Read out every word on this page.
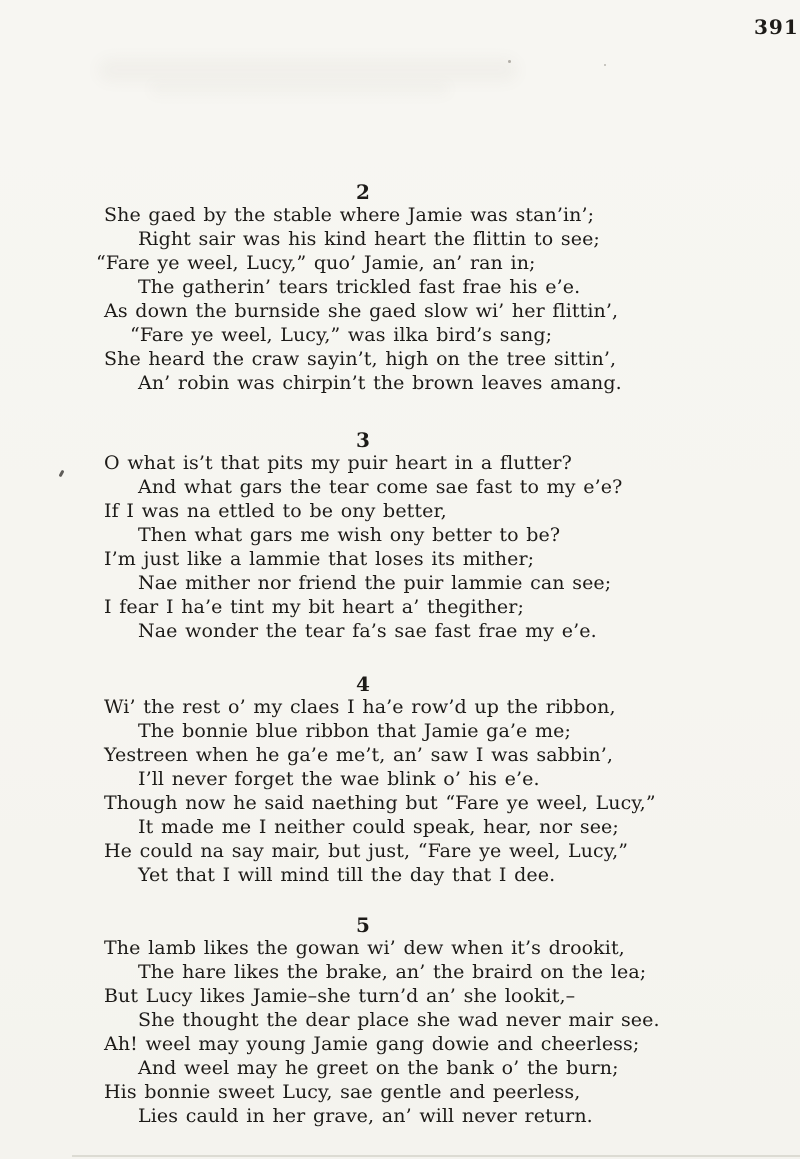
391
2
She gaed by the stable where Jamie was stan’in’;
Right sair was his kind heart the flittin to see;
“Fare ye weel, Lucy,” quo’ Jamie, an’ ran in;
The gatherin’ tears trickled fast frae his e’e.
As down the burnside she gaed slow wi’ her flittin’,
“Fare ye weel, Lucy,” was ilka bird’s sang;
She heard the craw sayin’t, high on the tree sittin’,
An’ robin was chirpin’t the brown leaves amang.
3
O what is’t that pits my puir heart in a flutter?
And what gars the tear come sae fast to my e’e?
If I was na ettled to be ony better,
Then what gars me wish ony better to be?
I’m just like a lammie that loses its mither;
Nae mither nor friend the puir lammie can see;
I fear I ha’e tint my bit heart a’ thegither;
Nae wonder the tear fa’s sae fast frae my e’e.
4
Wi’ the rest o’ my claes I ha’e row’d up the ribbon,
The bonnie blue ribbon that Jamie ga’e me;
Yestreen when he ga’e me’t, an’ saw I was sabbin’,
I’ll never forget the wae blink o’ his e’e.
Though now he said naething but “Fare ye weel, Lucy,”
It made me I neither could speak, hear, nor see;
He could na say mair, but just, “Fare ye weel, Lucy,”
Yet that I will mind till the day that I dee.
5
The lamb likes the gowan wi’ dew when it’s drookit,
The hare likes the brake, an’ the braird on the lea;
But Lucy likes Jamie–she turn’d an’ she lookit,–
She thought the dear place she wad never mair see.
Ah! weel may young Jamie gang dowie and cheerless;
And weel may he greet on the bank o’ the burn;
His bonnie sweet Lucy, sae gentle and peerless,
Lies cauld in her grave, an’ will never return.
